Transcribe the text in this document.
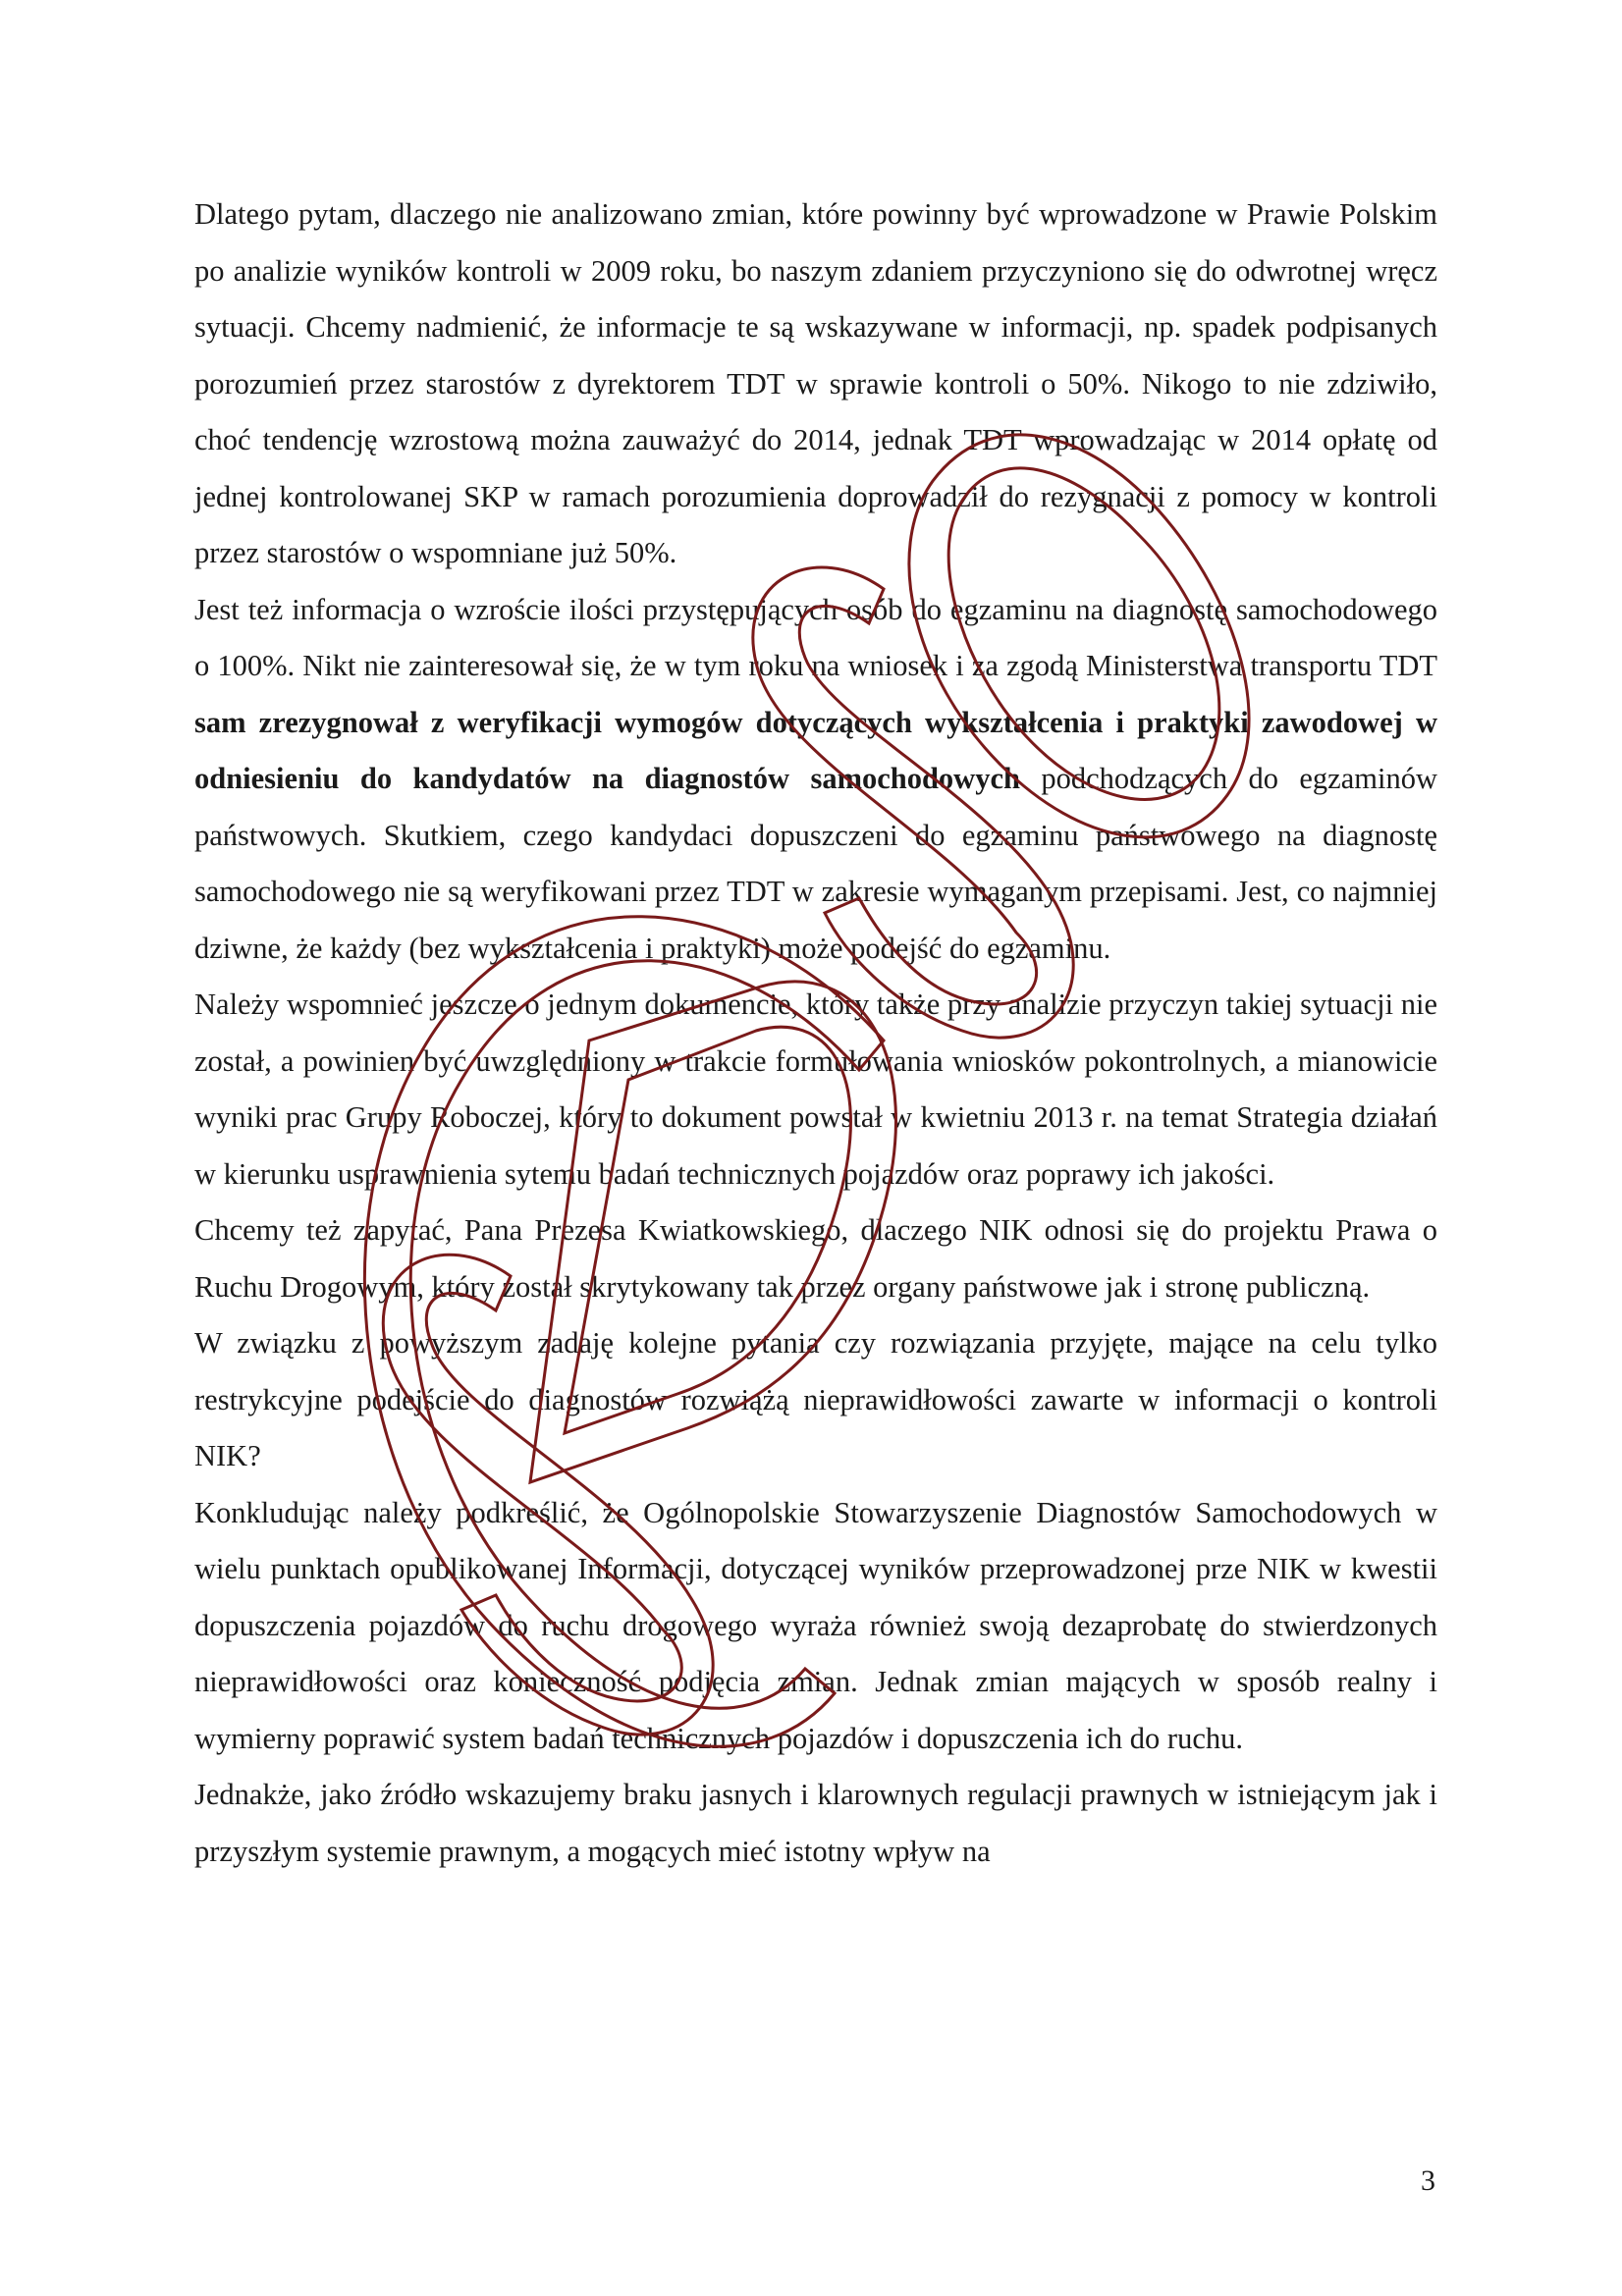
Dlatego pytam, dlaczego nie analizowano zmian, które powinny być wprowadzone w Prawie Polskim po analizie wyników kontroli w 2009 roku, bo naszym zdaniem przyczyniono się do odwrotnej wręcz sytuacji. Chcemy nadmienić, że informacje te są wskazywane w informacji, np. spadek podpisanych porozumień przez starostów z dyrektorem TDT w sprawie kontroli o 50%. Nikogo to nie zdziwiło, choć tendencję wzrostową można zauważyć do 2014, jednak TDT wprowadzając w 2014 opłatę od jednej kontrolowanej SKP w ramach porozumienia doprowadził do rezygnacji z pomocy w kontroli przez starostów o wspomniane już 50%.

Jest też informacja o wzroście ilości przystępujących osób do egzaminu na diagnostę samochodowego o 100%. Nikt nie zainteresował się, że w tym roku na wniosek i za zgodą Ministerstwa transportu TDT sam zrezygnował z weryfikacji wymogów dotyczących wykształcenia i praktyki zawodowej w odniesieniu do kandydatów na diagnostów samochodowych podchodzących do egzaminów państwowych. Skutkiem, czego kandydaci dopuszczeni do egzaminu państwowego na diagnostę samochodowego nie są weryfikowani przez TDT w zakresie wymaganym przepisami. Jest, co najmniej dziwne, że każdy (bez wykształcenia i praktyki) może podejść do egzaminu.

Należy wspomnieć jeszcze o jednym dokumencie, który także przy analizie przyczyn takiej sytuacji nie został, a powinien być uwzględniony w trakcie formułowania wniosków pokontrolnych, a mianowicie wyniki prac Grupy Roboczej, który to dokument powstał w kwietniu 2013 r. na temat Strategia działań w kierunku usprawnienia sytemu badań technicznych pojazdów oraz poprawy ich jakości.

Chcemy też zapytać, Pana Prezesa Kwiatkowskiego, dlaczego NIK odnosi się do projektu Prawa o Ruchu Drogowym, który został skrytykowany tak przez organy państwowe jak i stronę publiczną.

W związku z powyższym zadaję kolejne pytania czy rozwiązania przyjęte, mające na celu tylko restrykcyjne podejście do diagnostów rozwiążą nieprawidłowości zawarte w informacji o kontroli NIK?

Konkludując należy podkreślić, że Ogólnopolskie Stowarzyszenie Diagnostów Samochodowych w wielu punktach opublikowanej Informacji, dotyczącej wyników przeprowadzonej prze NIK w kwestii dopuszczenia pojazdów do ruchu drogowego wyraża również swoją dezaprobatę do stwierdzonych nieprawidłowości oraz konieczność podjęcia zmian. Jednak zmian mających w sposób realny i wymierny poprawić system badań technicznych pojazdów i dopuszczenia ich do ruchu.

Jednakże, jako źródło wskazujemy braku jasnych i klarownych regulacji prawnych w istniejącym jak i przyszłym systemie prawnym, a mogących mieć istotny wpływ na

3
